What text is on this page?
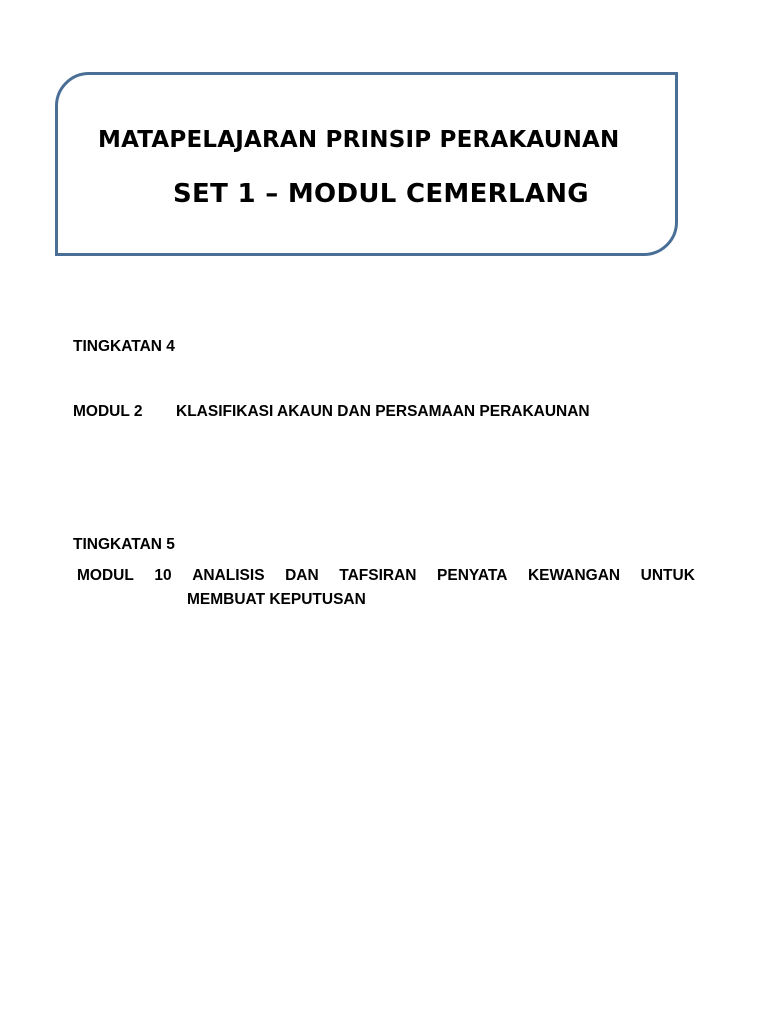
MATAPELAJARAN PRINSIP PERAKAUNAN
SET 1 – MODUL CEMERLANG
TINGKATAN 4
MODUL 2 KLASIFIKASI AKAUN DAN PERSAMAAN PERAKAUNAN
TINGKATAN 5
MODUL 10 ANALISIS DAN TAFSIRAN PENYATA KEWANGAN UNTUK
MEMBUAT KEPUTUSAN
